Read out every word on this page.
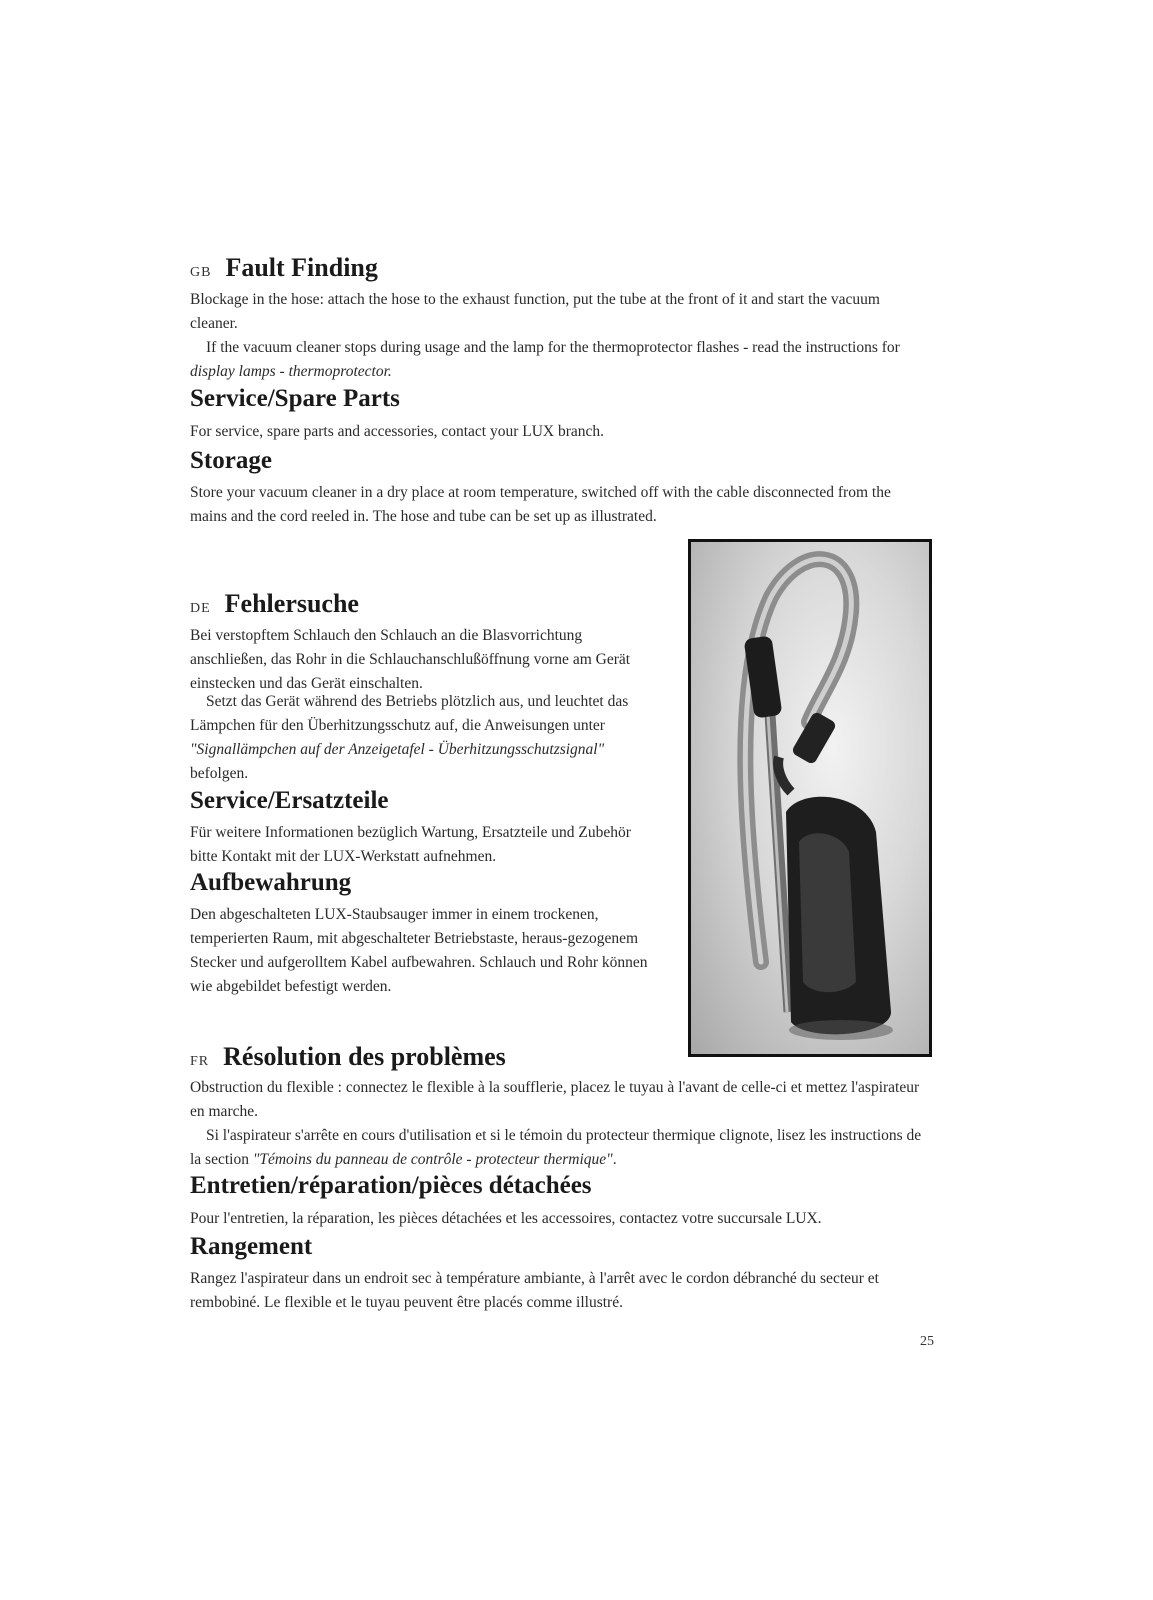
GB Fault Finding

Blockage in the hose: attach the hose to the exhaust function, put the tube at the front of it and start the vacuum cleaner.

If the vacuum cleaner stops during usage and the lamp for the thermoprotector flashes - read the instructions for display lamps - thermoprotector.

Service/Spare Parts

For service, spare parts and accessories, contact your LUX branch.

Storage

Store your vacuum cleaner in a dry place at room temperature, switched off with the cable disconnected from the mains and the cord reeled in. The hose and tube can be set up as illustrated.

DE Fehlersuche

Bei verstopftem Schlauch den Schlauch an die Blasvorrichtung anschließen, das Rohr in die Schlauchanschlußöffnung vorne am Gerät einstecken und das Gerät einschalten.

Setzt das Gerät während des Betriebs plötzlich aus, und leuchtet das Lämpchen für den Überhitzungsschutz auf, die Anweisungen unter "Signallämpchen auf der Anzeigetafel - Überhitzungsschutzsignal" befolgen.

Service/Ersatzteile

Für weitere Informationen bezüglich Wartung, Ersatzteile und Zubehör bitte Kontakt mit der LUX-Werkstatt aufnehmen.

Aufbewahrung

Den abgeschalteten LUX-Staubsauger immer in einem trockenen, temperierten Raum, mit abgeschalteter Betriebstaste, heraus-gezogenem Stecker und aufgerolltem Kabel aufbewahren. Schlauch und Rohr können wie abgebildet befestigt werden.

FR Résolution des problèmes

Obstruction du flexible : connectez le flexible à la soufflerie, placez le tuyau à l'avant de celle-ci et mettez l'aspirateur en marche.

Si l'aspirateur s'arrête en cours d'utilisation et si le témoin du protecteur thermique clignote, lisez les instructions de la section "Témoins du panneau de contrôle - protecteur thermique".

Entretien/réparation/pièces détachées

Pour l'entretien, la réparation, les pièces détachées et les accessoires, contactez votre succursale LUX.

Rangement

Rangez l'aspirateur dans un endroit sec à température ambiante, à l'arrêt avec le cordon débranché du secteur et rembobiné. Le flexible et le tuyau peuvent être placés comme illustré.

25
